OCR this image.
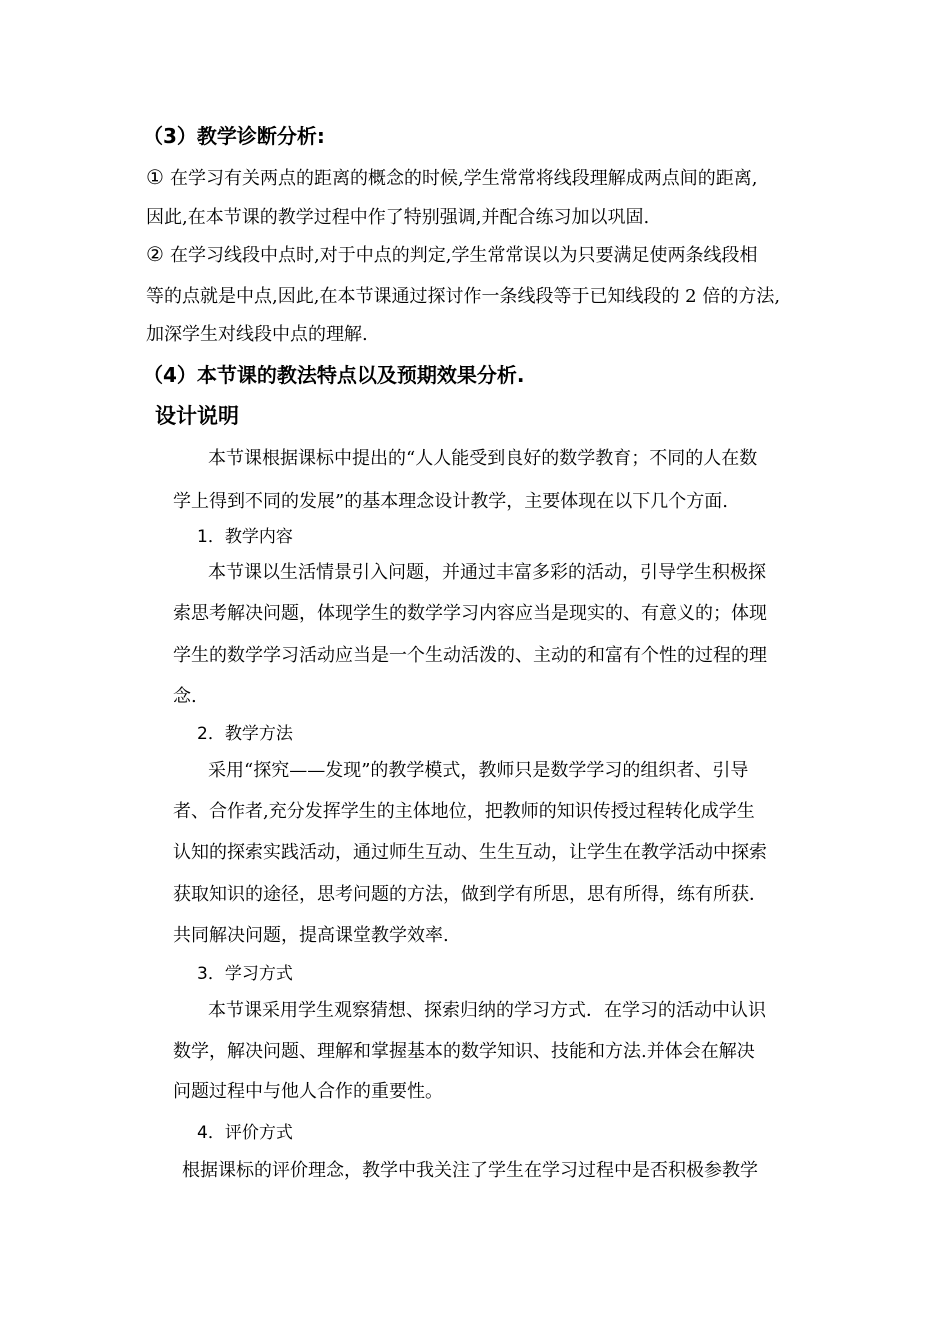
（3）教学诊断分析:
① 在学习有关两点的距离的概念的时候,学生常常将线段理解成两点间的距离,
因此,在本节课的教学过程中作了特别强调,并配合练习加以巩固.
② 在学习线段中点时,对于中点的判定,学生常常误以为只要满足使两条线段相
等的点就是中点,因此,在本节课通过探讨作一条线段等于已知线段的 2 倍的方法,
加深学生对线段中点的理解.
（4）本节课的教法特点以及预期效果分析.
设计说明
本节课根据课标中提出的“人人能受到良好的数学教育；不同的人在数
学上得到不同的发展”的基本理念设计教学，主要体现在以下几个方面.
1．教学内容
本节课以生活情景引入问题，并通过丰富多彩的活动，引导学生积极探
索思考解决问题，体现学生的数学学习内容应当是现实的、有意义的；体现
学生的数学学习活动应当是一个生动活泼的、主动的和富有个性的过程的理
念.
2．教学方法
采用“探究——发现”的教学模式，教师只是数学学习的组织者、引导
者、合作者,充分发挥学生的主体地位，把教师的知识传授过程转化成学生
认知的探索实践活动，通过师生互动、生生互动，让学生在教学活动中探索
获取知识的途径，思考问题的方法，做到学有所思，思有所得，练有所获．
共同解决问题，提高课堂教学效率.
3．学习方式
本节课采用学生观察猜想、探索归纳的学习方式．在学习的活动中认识
数学，解决问题、理解和掌握基本的数学知识、技能和方法.并体会在解决
问题过程中与他人合作的重要性。
4．评价方式
根据课标的评价理念，教学中我关注了学生在学习过程中是否积极参教学
